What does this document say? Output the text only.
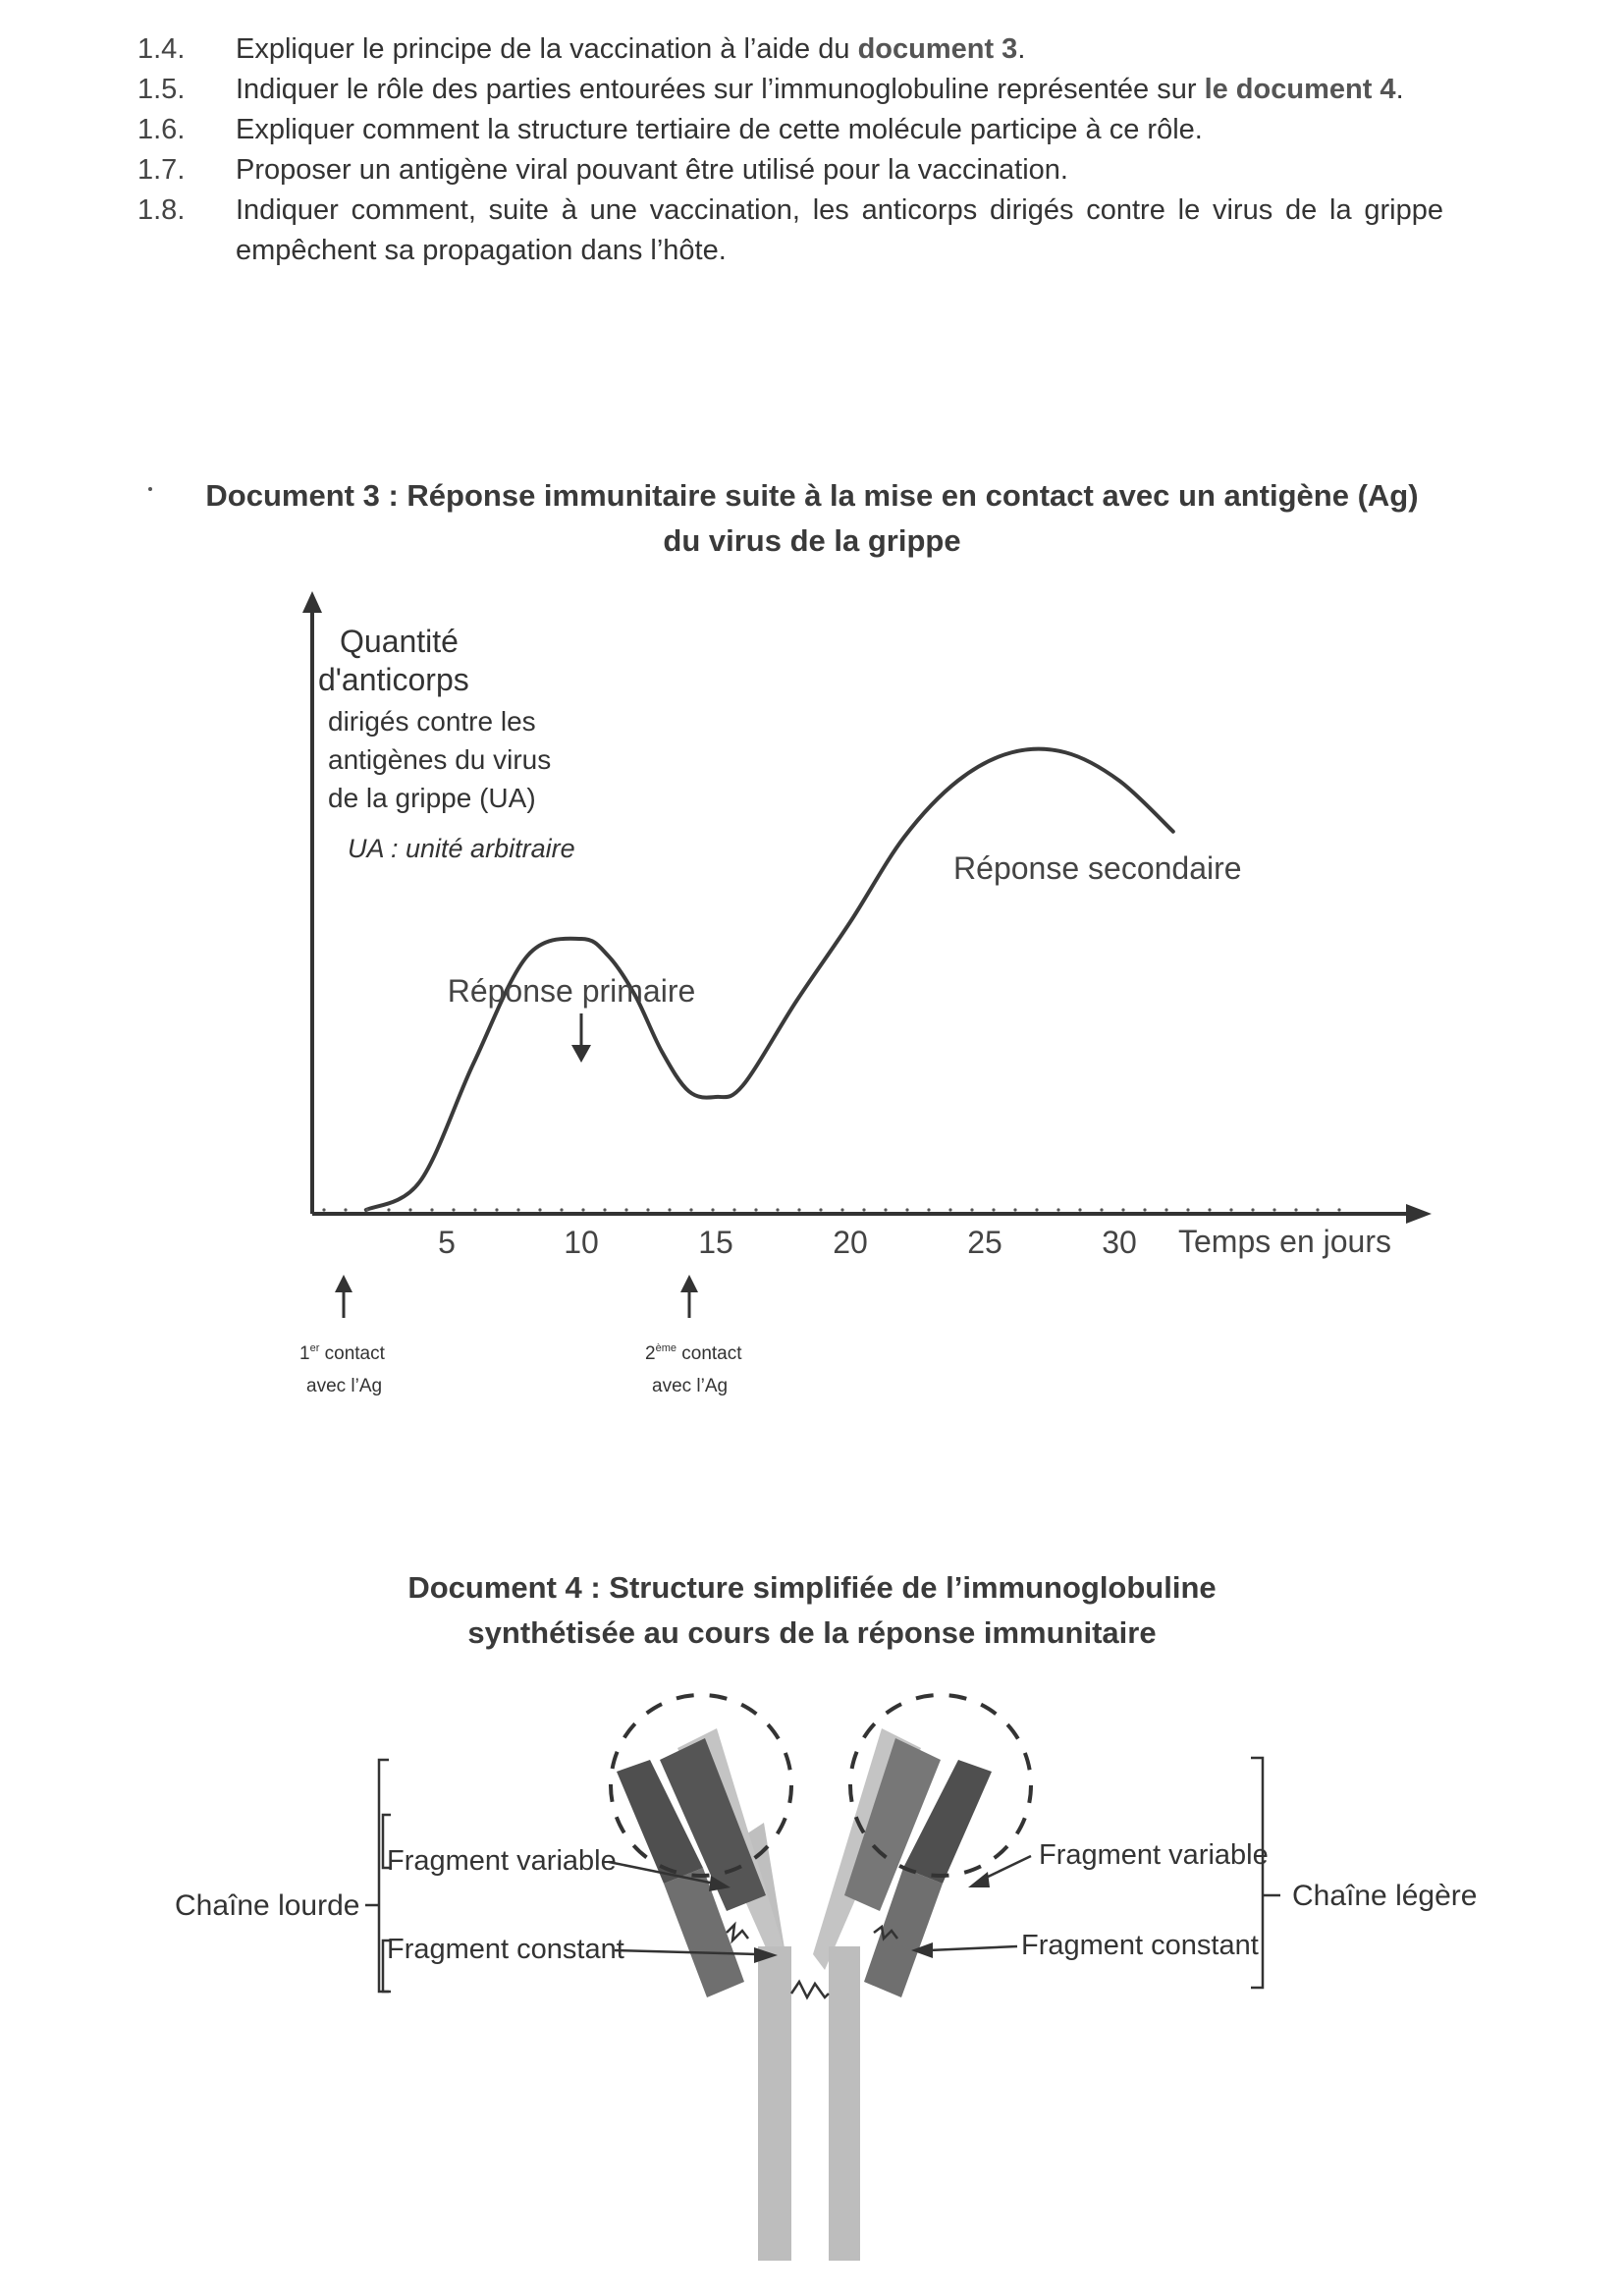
1.4.	Expliquer le principe de la vaccination à l’aide du document 3.
1.5.	Indiquer le rôle des parties entourées sur l’immunoglobuline représentée sur le document 4.
1.6.	Expliquer comment la structure tertiaire de cette molécule participe à ce rôle.
1.7.	Proposer un antigène viral pouvant être utilisé pour la vaccination.
1.8.	Indiquer comment, suite à une vaccination, les anticorps dirigés contre le virus de la grippe empêchent sa propagation dans l’hôte.
Document 3 : Réponse immunitaire suite à la mise en contact avec un antigène (Ag)
du virus de la grippe
Quantité
d'anticorps
dirigés contre les
antigènes du virus
de la grippe (UA)
UA : unité arbitraire
5	10	15	20	25	30 Temps en jours
Réponse primaire
Réponse secondaire
1er contact
avec l’Ag
2ème contact
avec l’Ag
Document 4 : Structure simplifiée de l’immunoglobuline
synthétisée au cours de la réponse immunitaire
Chaîne lourde
Fragment variable
Fragment constant
Chaîne légère
Fragment variable
Fragment constant
